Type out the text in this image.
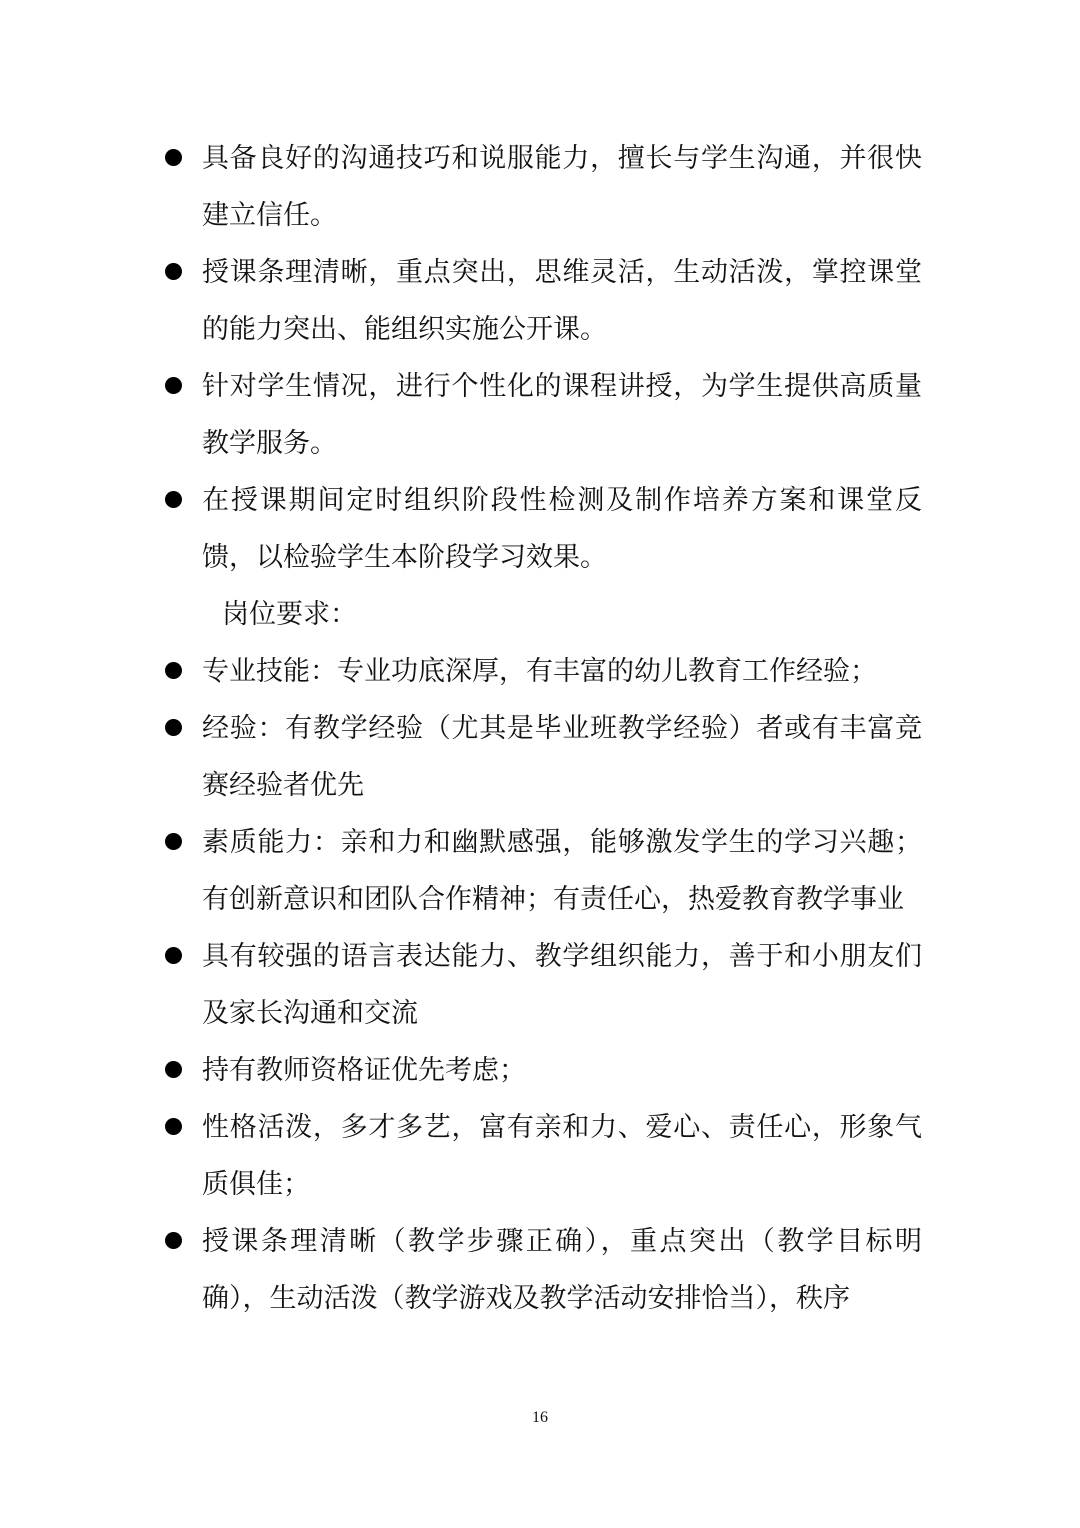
具备良好的沟通技巧和说服能力，擅长与学生沟通，并很快建立信任。
授课条理清晰，重点突出，思维灵活，生动活泼，掌控课堂的能力突出、能组织实施公开课。
针对学生情况，进行个性化的课程讲授，为学生提供高质量教学服务。
在授课期间定时组织阶段性检测及制作培养方案和课堂反馈，以检验学生本阶段学习效果。
岗位要求：
专业技能：专业功底深厚，有丰富的幼儿教育工作经验；
经验：有教学经验（尤其是毕业班教学经验）者或有丰富竞赛经验者优先
素质能力：亲和力和幽默感强，能够激发学生的学习兴趣；有创新意识和团队合作精神；有责任心，热爱教育教学事业
具有较强的语言表达能力、教学组织能力，善于和小朋友们及家长沟通和交流
持有教师资格证优先考虑；
性格活泼，多才多艺，富有亲和力、爱心、责任心，形象气质俱佳；
授课条理清晰（教学步骤正确），重点突出（教学目标明确），生动活泼（教学游戏及教学活动安排恰当），秩序
16
